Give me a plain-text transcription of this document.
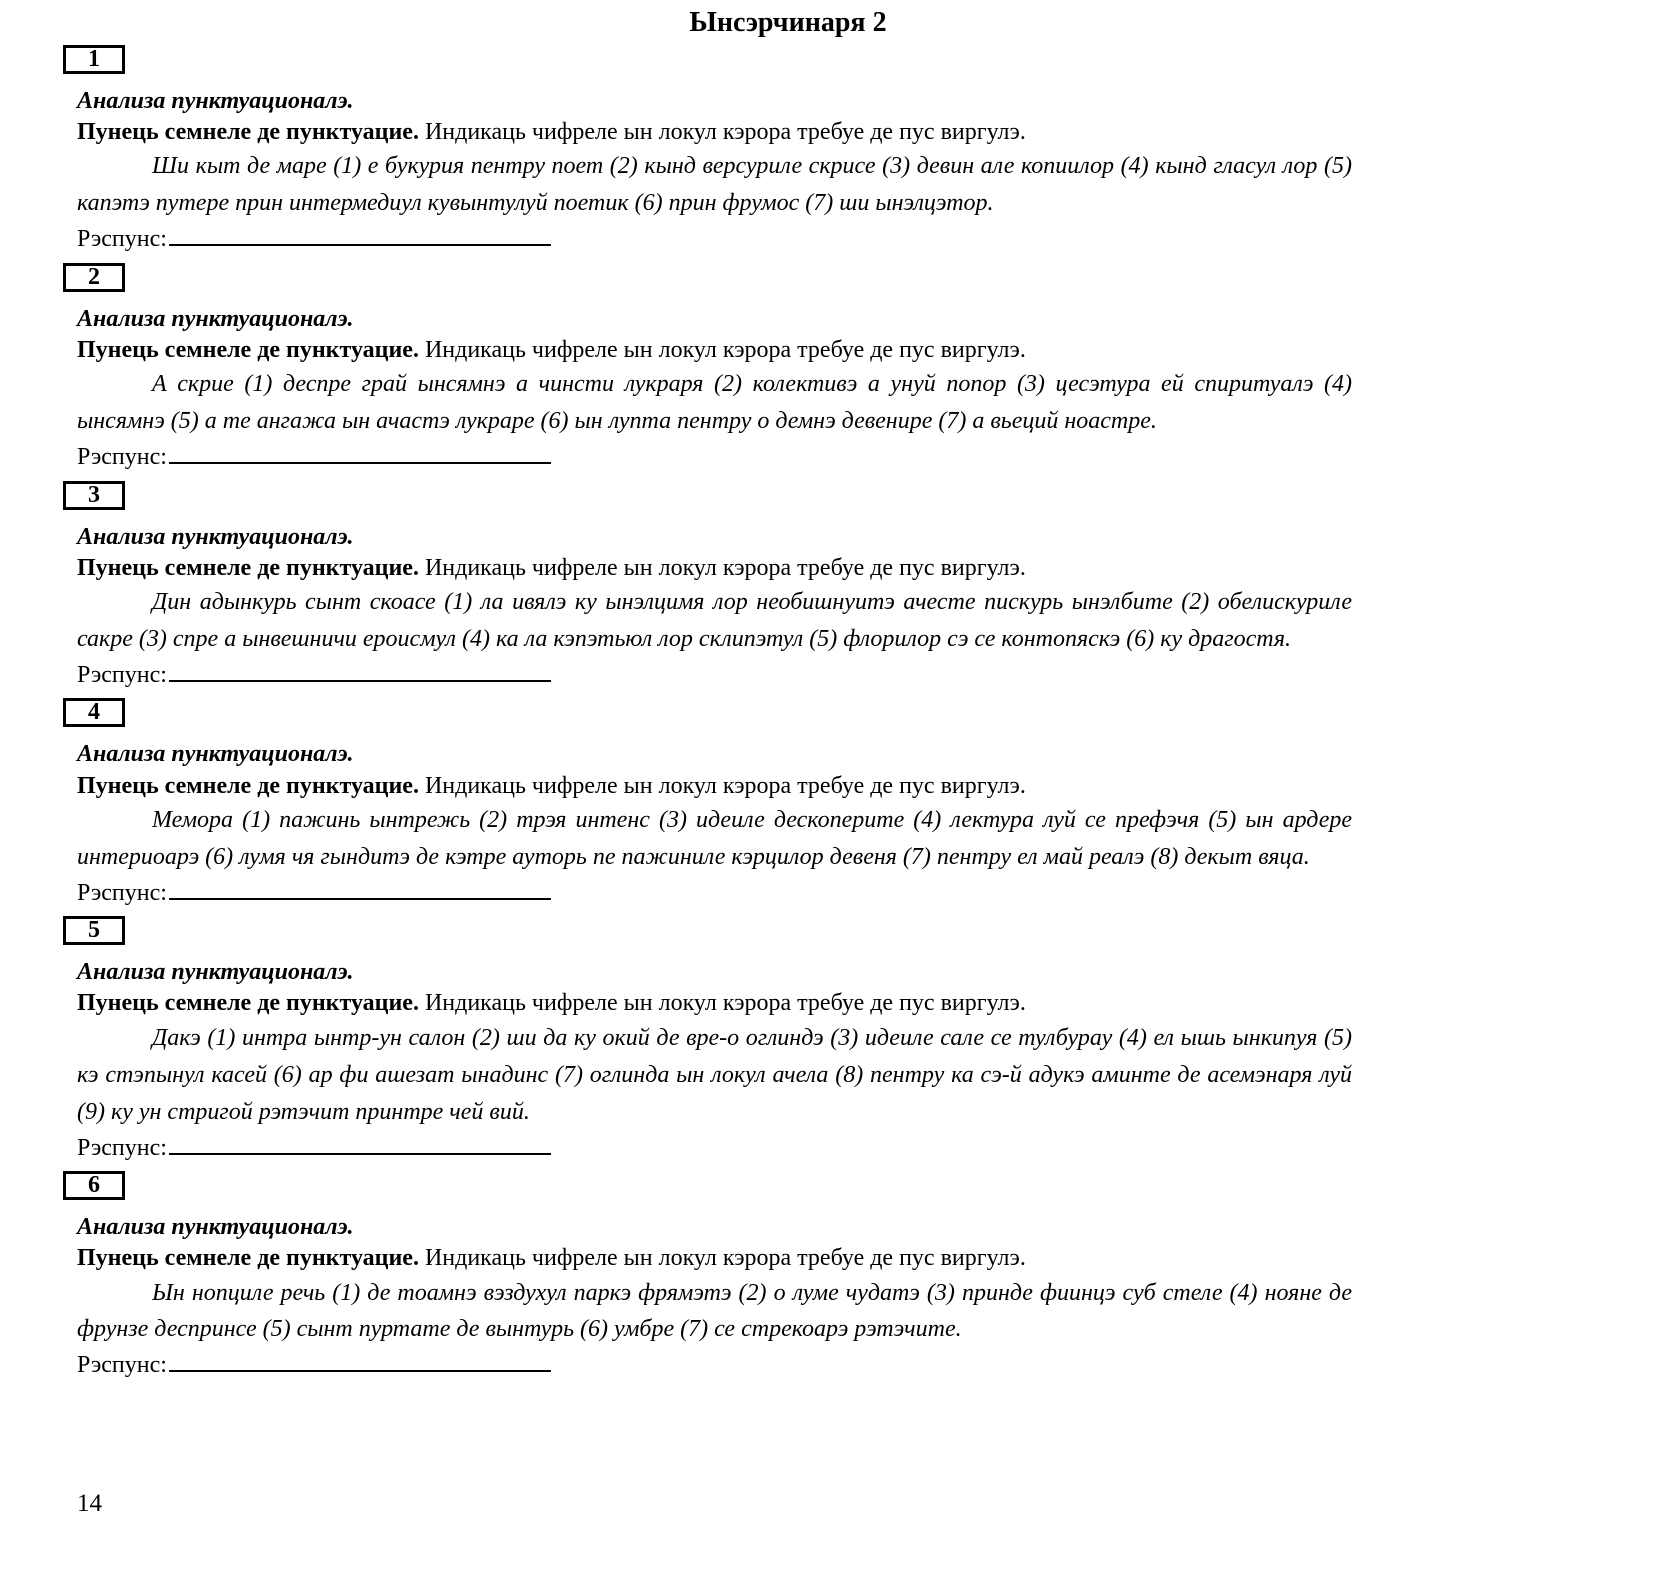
Ынсэрчинаря 2
1

Анализа пунктуационалэ.

Пунець семнеле де пунктуацие. Индикаць чифреле ын локул кэрора требуе де пус виргулэ.

Ши кыт де маре (1) е букурия пентру поет (2) кынд версуриле скрисе (3) девин але копиилор (4) кынд гласул лор (5) капэтэ путере прин интермедиул кувынтулуй поетик (6) прин фрумос (7) ши ынэлцэтор.

Рэспунс:

2

Анализа пунктуационалэ.

Пунець семнеле де пунктуацие. Индикаць чифреле ын локул кэрора требуе де пус виргулэ.

А скрие (1) деспре грай ынсямнэ а чинсти лукраря (2) колективэ а унуй попор (3) цесэтура ей спиритуалэ (4) ынсямнэ (5) а те ангажа ын ачастэ лукраре (6) ын лупта пентру о демнэ девенире (7) а вьеций ноастре.

Рэспунс:

3

Анализа пунктуационалэ.

Пунець семнеле де пунктуацие. Индикаць чифреле ын локул кэрора требуе де пус виргулэ.

Дин адынкурь сынт скоасе (1) ла ивялэ ку ынэлцимя лор необишнуитэ ачесте пискурь ынэлбите (2) обелискуриле сакре (3) спре а ынвешничи ероисмул (4) ка ла кэпэтьюл лор склипэтул (5) флорилор сэ се контопяскэ (6) ку драгостя.

Рэспунс:

4

Анализа пунктуационалэ.

Пунець семнеле де пунктуацие. Индикаць чифреле ын локул кэрора требуе де пус виргулэ.

Мемора (1) пажинь ынтрежь (2) трэя интенс (3) идеиле дескоперите (4) лектура луй се префэчя (5) ын ардере интериоарэ (6) лумя чя гындитэ де кэтре ауторь пе пажиниле кэрцилор девеня (7) пентру ел май реалэ (8) декыт вяца.

Рэспунс:

5

Анализа пунктуационалэ.

Пунець семнеле де пунктуацие. Индикаць чифреле ын локул кэрора требуе де пус виргулэ.

Дакэ (1) интра ынтр-ун салон (2) ши да ку окий де вре-о оглиндэ (3) идеиле сале се тулбурау (4) ел ышь ынкипуя (5) кэ стэпынул касей (6) ар фи ашезат ынадинс (7) оглинда ын локул ачела (8) пентру ка сэ-й адукэ аминте де асемэнаря луй (9) ку ун стригой рэтэчит принтре чей вий.

Рэспунс:

6

Анализа пунктуационалэ.

Пунець семнеле де пунктуацие. Индикаць чифреле ын локул кэрора требуе де пус виргулэ.

Ын нопциле речь (1) де тоамнэ вэздухул паркэ фрямэтэ (2) о луме чудатэ (3) принде фиинцэ суб стеле (4) нояне де фрунзе деспринсе (5) сынт пуртате де вынтурь (6) умбре (7) се стрекоарэ рэтэчите.

Рэспунс:

14
